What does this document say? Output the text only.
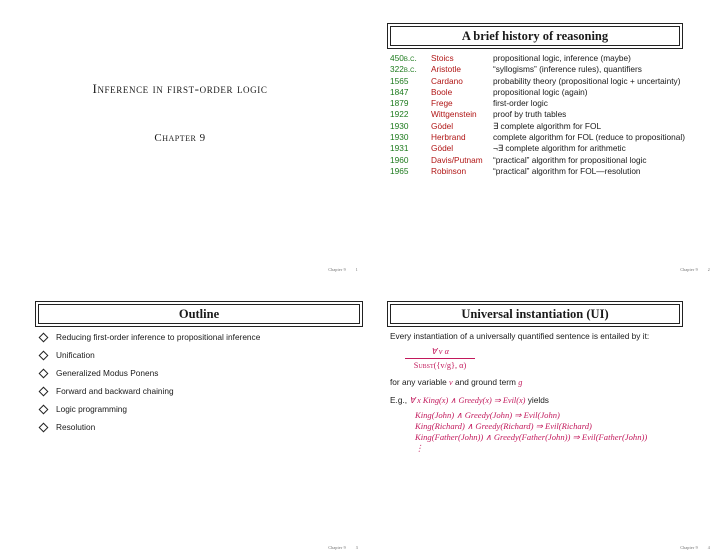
Inference in first-order logic
Chapter 9
Chapter 9	1
A brief history of reasoning
450b.c.	Stoics	propositional logic, inference (maybe)
322b.c.	Aristotle	“syllogisms” (inference rules), quantifiers
1565	Cardano	probability theory (propositional logic + uncertainty)
1847	Boole	propositional logic (again)
1879	Frege	first-order logic
1922	Wittgenstein	proof by truth tables
1930	Gödel	∃ complete algorithm for FOL
1930	Herbrand	complete algorithm for FOL (reduce to propositional)
1931	Gödel	¬∃ complete algorithm for arithmetic
1960	Davis/Putnam	“practical” algorithm for propositional logic
1965	Robinson	“practical” algorithm for FOL—resolution
Chapter 9	2
Outline
Reducing first-order inference to propositional inference
Unification
Generalized Modus Ponens
Forward and backward chaining
Logic programming
Resolution
Chapter 9	3
Universal instantiation (UI)
Every instantiation of a universally quantified sentence is entailed by it:
∀ v α
Subst({v/g}, α)
for any variable v and ground term g
E.g., ∀ x King(x) ∧ Greedy(x) ⇒ Evil(x) yields
King(John) ∧ Greedy(John) ⇒ Evil(John)
King(Richard) ∧ Greedy(Richard) ⇒ Evil(Richard)
King(Father(John)) ∧ Greedy(Father(John)) ⇒ Evil(Father(John))
⋮
Chapter 9	4
